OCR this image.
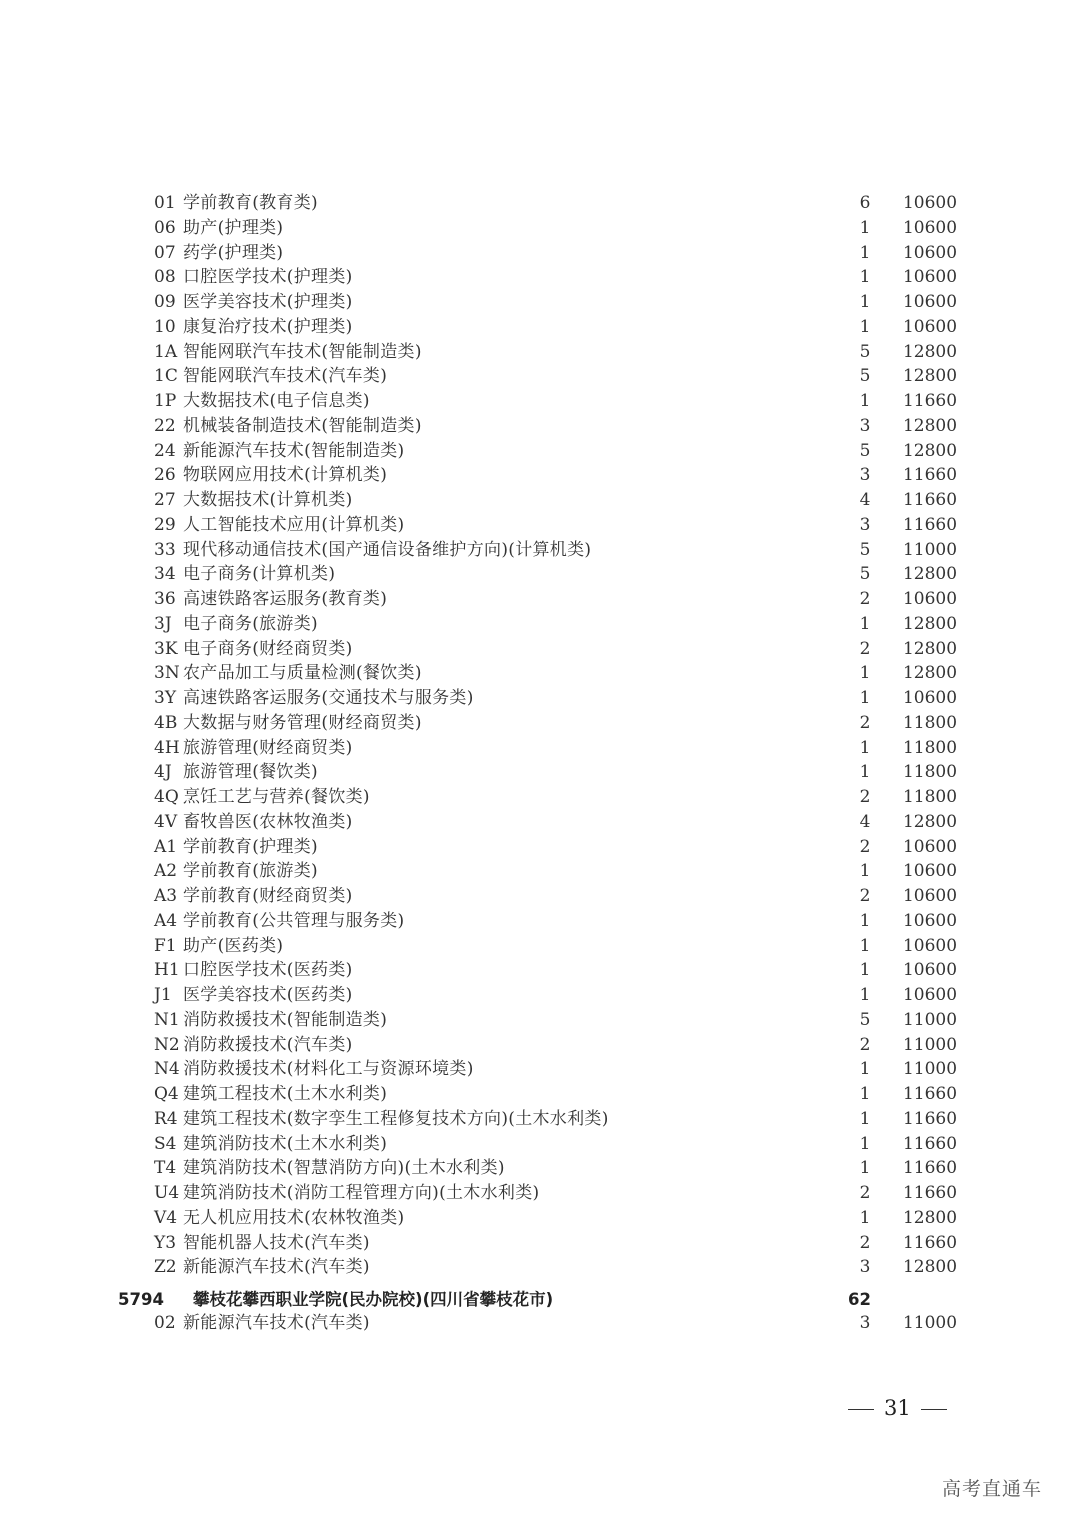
01 学前教育(教育类)	6	10600
06 助产(护理类)	1	10600
07 药学(护理类)	1	10600
08 口腔医学技术(护理类)	1	10600
09 医学美容技术(护理类)	1	10600
10 康复治疗技术(护理类)	1	10600
1A 智能网联汽车技术(智能制造类)	5	12800
1C 智能网联汽车技术(汽车类)	5	12800
1P 大数据技术(电子信息类)	1	11660
22 机械装备制造技术(智能制造类)	3	12800
24 新能源汽车技术(智能制造类)	5	12800
26 物联网应用技术(计算机类)	3	11660
27 大数据技术(计算机类)	4	11660
29 人工智能技术应用(计算机类)	3	11660
33 现代移动通信技术(国产通信设备维护方向)(计算机类)	5	11000
34 电子商务(计算机类)	5	12800
36 高速铁路客运服务(教育类)	2	10600
3J 电子商务(旅游类)	1	12800
3K 电子商务(财经商贸类)	2	12800
3N 农产品加工与质量检测(餐饮类)	1	12800
3Y 高速铁路客运服务(交通技术与服务类)	1	10600
4B 大数据与财务管理(财经商贸类)	2	11800
4H 旅游管理(财经商贸类)	1	11800
4J 旅游管理(餐饮类)	1	11800
4Q 烹饪工艺与营养(餐饮类)	2	11800
4V 畜牧兽医(农林牧渔类)	4	12800
A1 学前教育(护理类)	2	10600
A2 学前教育(旅游类)	1	10600
A3 学前教育(财经商贸类)	2	10600
A4 学前教育(公共管理与服务类)	1	10600
F1 助产(医药类)	1	10600
H1 口腔医学技术(医药类)	1	10600
J1 医学美容技术(医药类)	1	10600
N1 消防救援技术(智能制造类)	5	11000
N2 消防救援技术(汽车类)	2	11000
N4 消防救援技术(材料化工与资源环境类)	1	11000
Q4 建筑工程技术(土木水利类)	1	11660
R4 建筑工程技术(数字孪生工程修复技术方向)(土木水利类)	1	11660
S4 建筑消防技术(土木水利类)	1	11660
T4 建筑消防技术(智慧消防方向)(土木水利类)	1	11660
U4 建筑消防技术(消防工程管理方向)(土木水利类)	2	11660
V4 无人机应用技术(农林牧渔类)	1	12800
Y3 智能机器人技术(汽车类)	2	11660
Z2 新能源汽车技术(汽车类)	3	12800
5794 攀枝花攀西职业学院(民办院校)(四川省攀枝花市)	62
02 新能源汽车技术(汽车类)	3	11000
31
高考直通车
